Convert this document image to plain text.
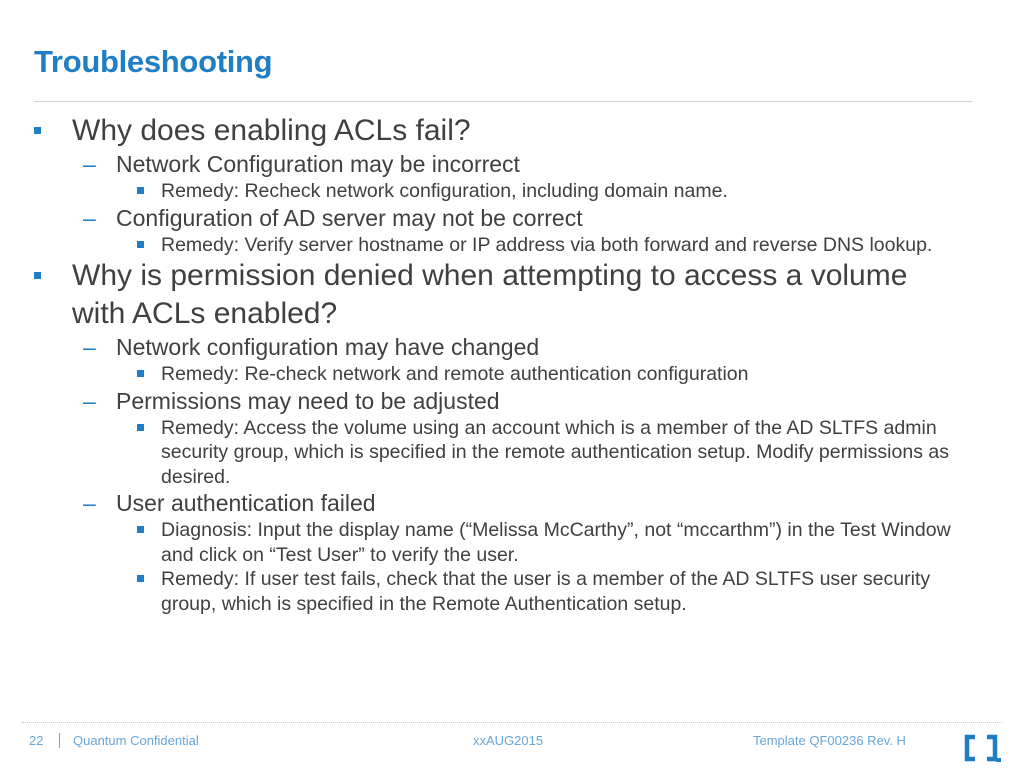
Troubleshooting
Why does enabling ACLs fail?
– Network Configuration may be incorrect
Remedy: Recheck network configuration, including domain name.
– Configuration of AD server may not be correct
Remedy: Verify server hostname or IP address via both forward and reverse DNS lookup.
Why is permission denied when attempting to access a volume with ACLs enabled?
– Network configuration may have changed
Remedy: Re-check network and remote authentication configuration
– Permissions may need to be adjusted
Remedy: Access the volume using an account which is a member of the AD SLTFS admin security group, which is specified in the remote authentication setup. Modify permissions as desired.
– User authentication failed
Diagnosis: Input the display name (“Melissa McCarthy”, not “mccarthm”) in the Test Window and click on “Test User” to verify the user.
Remedy: If user test fails, check that the user is a member of the AD SLTFS user security group, which is specified in the Remote Authentication setup.
22 Quantum Confidential	xxAUG2015	Template QF00236 Rev. H
